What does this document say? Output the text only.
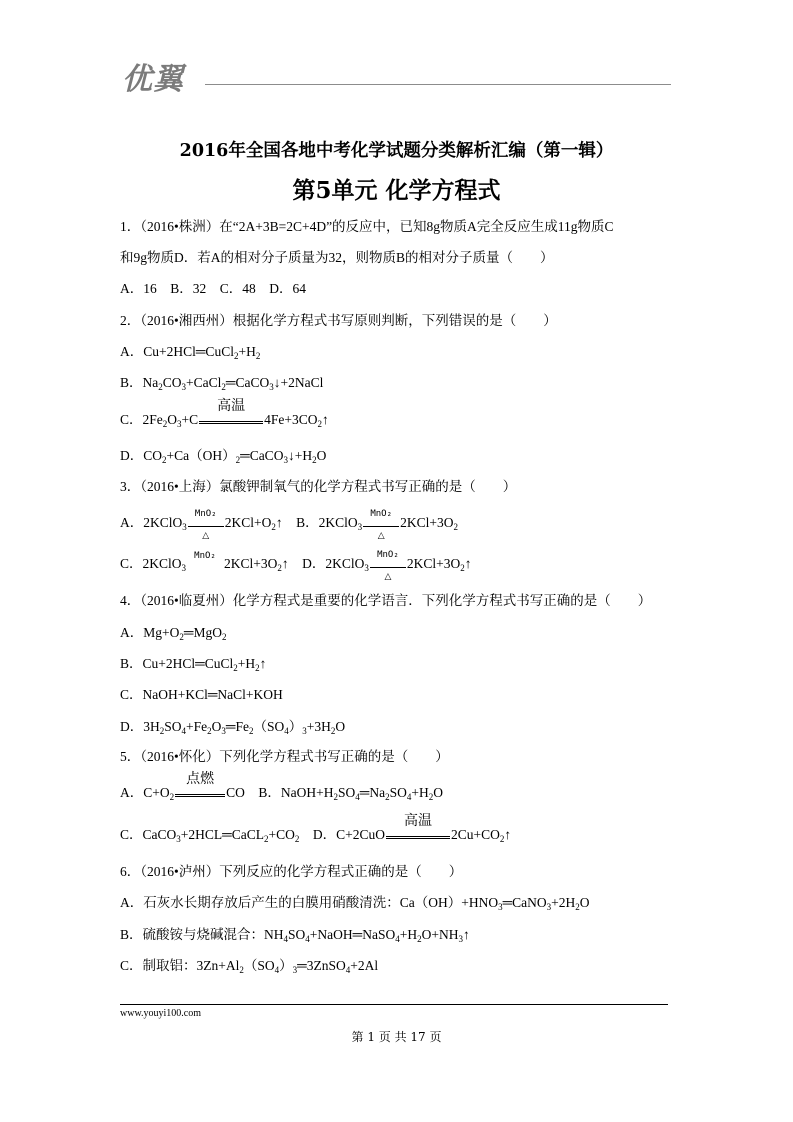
优翼
2016年全国各地中考化学试题分类解析汇编（第一辑）
第5单元 化学方程式
1．（2016•株洲）在“2A+3B=2C+4D”的反应中，已知8g物质A完全反应生成11g物质C
和9g物质D．若A的相对分子质量为32，则物质B的相对分子质量（　　）
A．16　B．32　C．48　D．64
2．（2016•湘西州）根据化学方程式书写原则判断，下列错误的是（　　）
A．$Cu+2HCl═CuCl_2+H_2$
B．$Na_2CO_3+CaCl_2═CaCO_3↓+2NaCl$
C．$2Fe_2O_3+C$
高温
$4Fe+3CO_2↑$
D．$CO_2+Ca(OH)_2═CaCO_3↓+H_2O$
3．（2016•上海）氯酸钾制氧气的化学方程式书写正确的是（　　）
A．2KClO$_3$
MnO₂
△
$2KCl+O_2↑$　B．2KClO$_3$
MnO₂
△
$2KCl+3O_2$
C．2KClO$_3$
MnO₂ $2KCl+3O_2↑$　D．2KClO$_3$
MnO₂
△
$2KCl+3O_2↑$
4．（2016•临夏州）化学方程式是重要的化学语言．下列化学方程式书写正确的是（　　）
A．$Mg+O_2═MgO_2$
B．$Cu+2HCl═CuCl_2+H_2↑$
C．NaOH+KCl═NaCl+KOH
D．$3H_2SO_4+Fe_2O_3═Fe_2(SO_4)_3+3H_2O$
5．（2016•怀化）下列化学方程式书写正确的是（　　）
A．$C+O_2$
点燃
CO　B．$NaOH+H_2SO_4═Na_2SO_4+H_2O$
C．$CaCO_3+2HCL═CaCL_2+CO_2$　D．C+2CuO
高温
$2Cu+CO_2↑$
6．（2016•泸州）下列反应的化学方程式正确的是（　　）
A．石灰水长期存放后产生的白膜用硝酸清洗：$Ca(OH)+HNO_3═CaNO_3+2H_2O$
B．硫酸铵与烧碱混合：$NH_4SO_4+NaOH═NaSO_4+H_2O+NH_3↑$
C．制取铝：$3Zn+Al_2(SO_4)_3═3ZnSO_4+2Al$
www.youyi100.com
第 1 页 共 17 页
